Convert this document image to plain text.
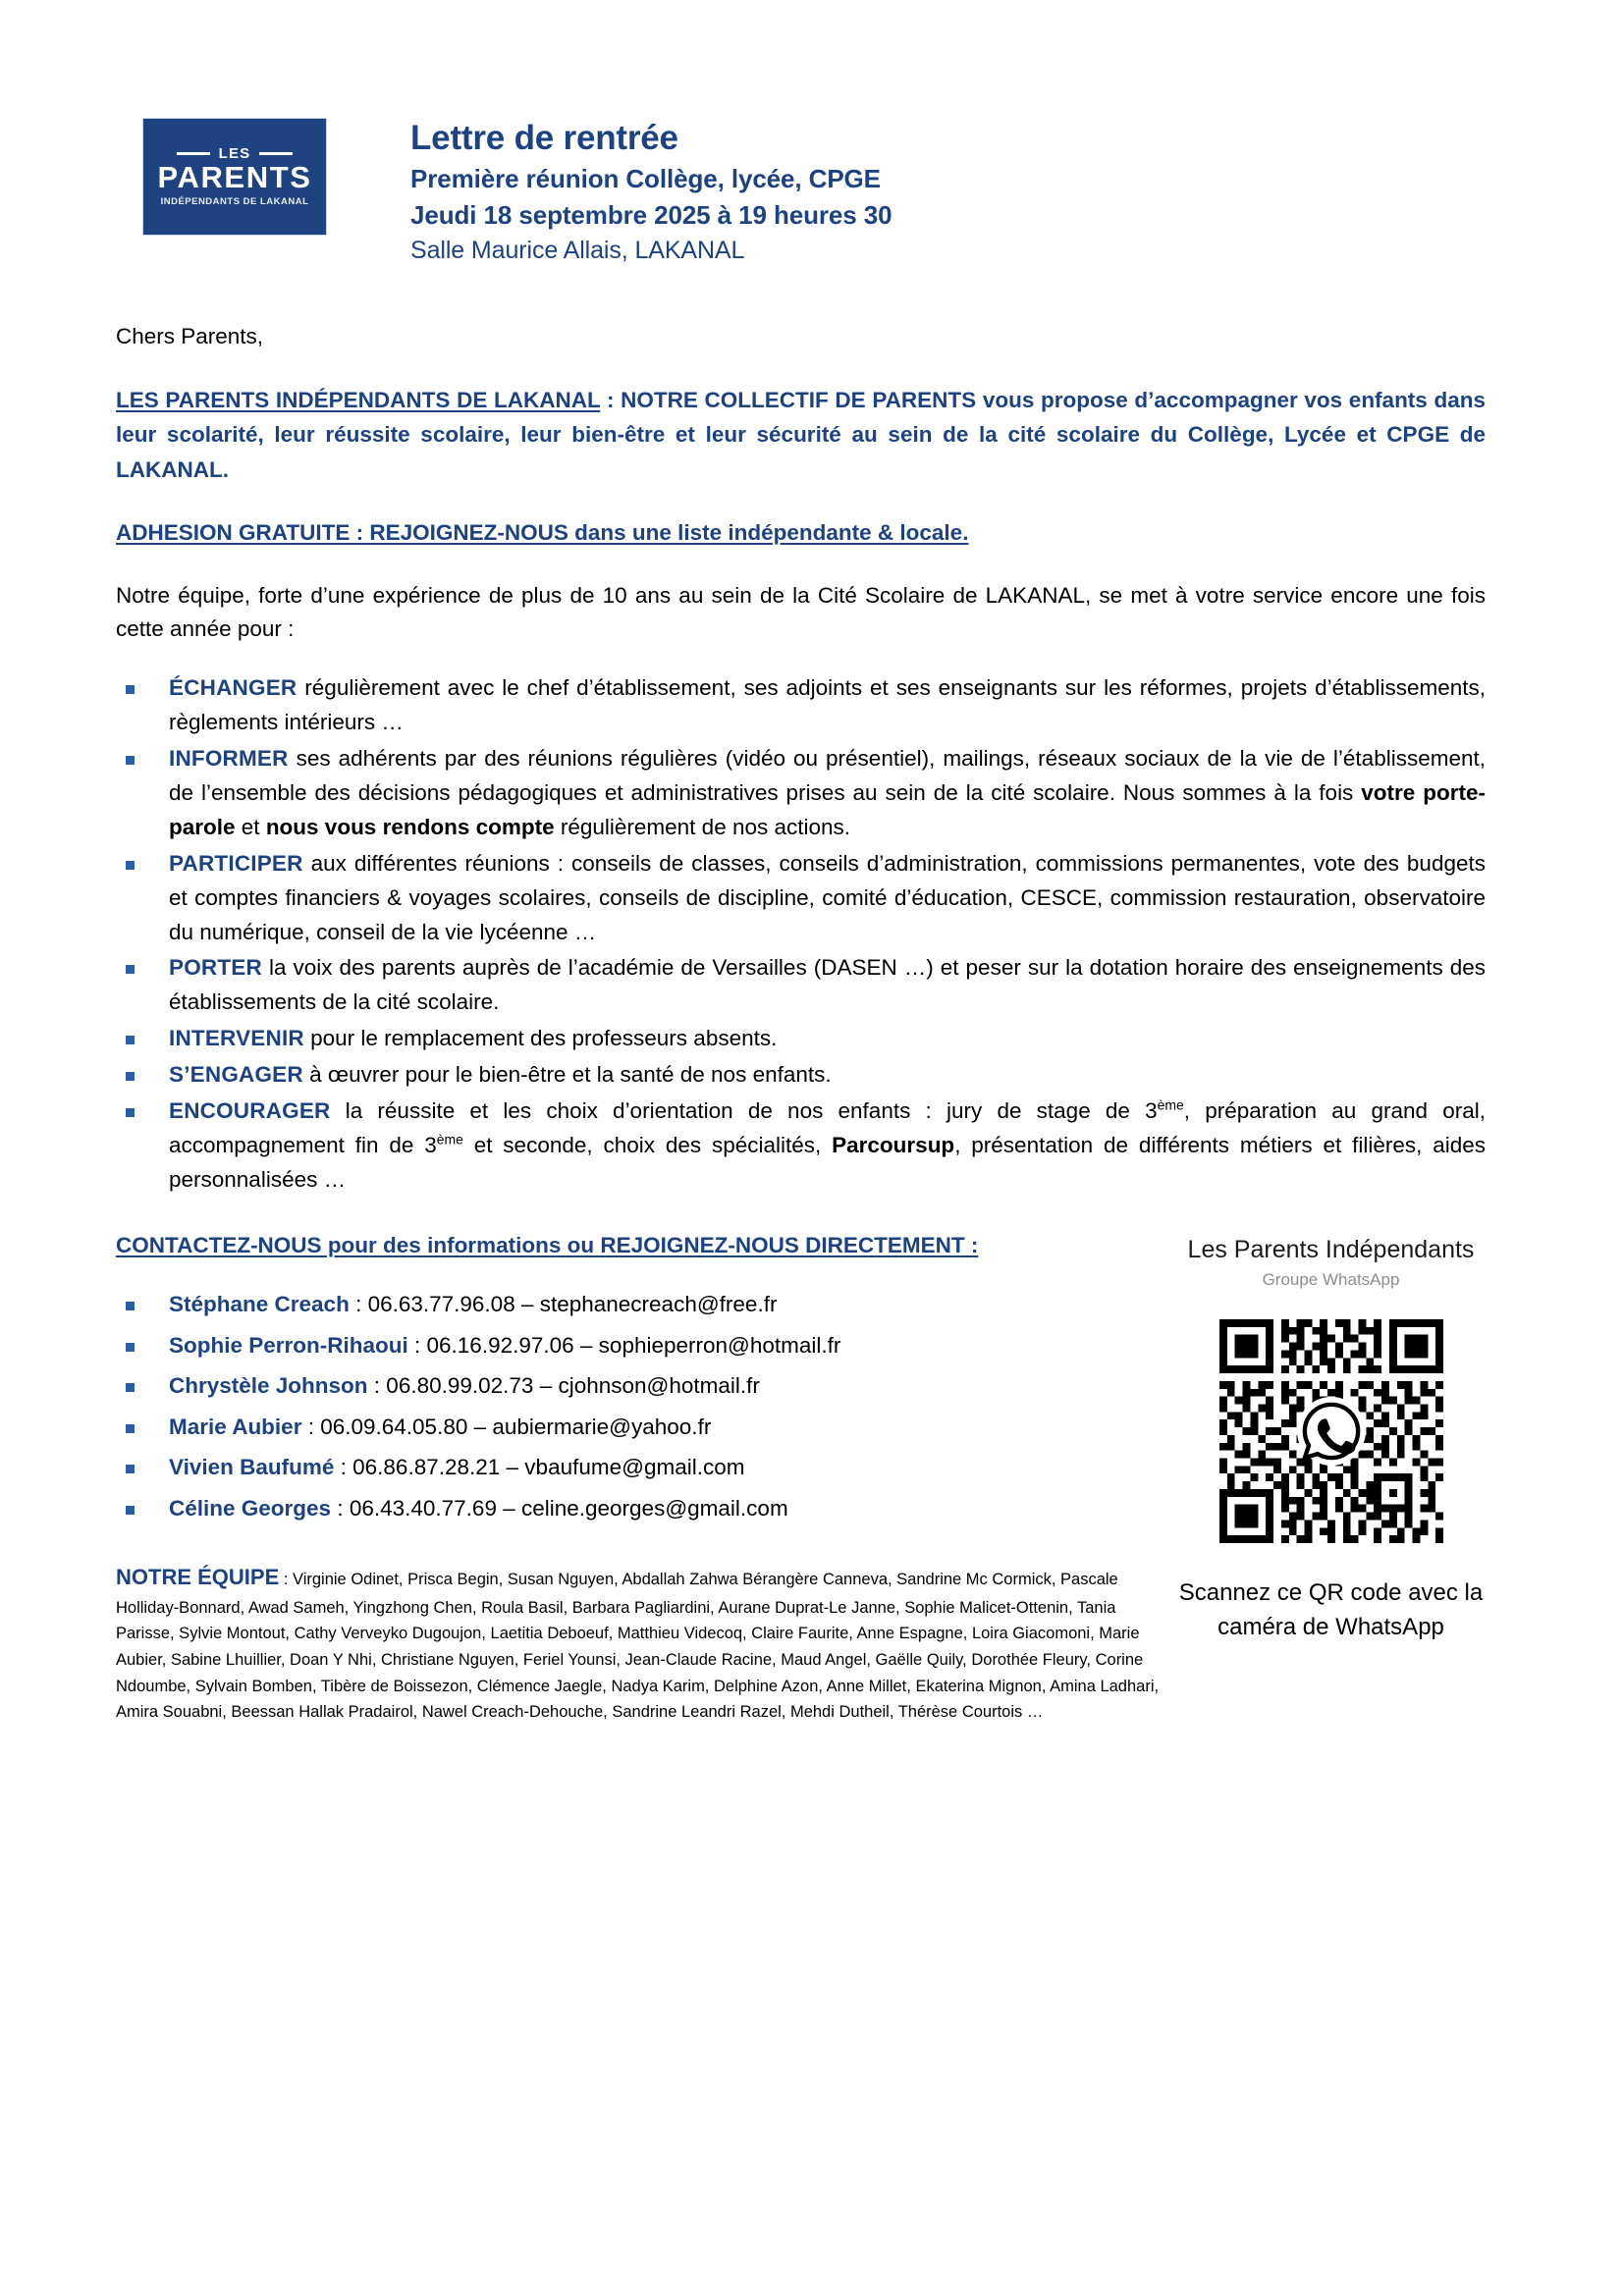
LES
PARENTS
INDÉPENDANTS DE LAKANAL
Lettre de rentrée
Première réunion Collège, lycée, CPGE
Jeudi 18 septembre 2025 à 19 heures 30
Salle Maurice Allais, LAKANAL

Chers Parents,

LES PARENTS INDÉPENDANTS DE LAKANAL : NOTRE COLLECTIF DE PARENTS vous propose d’accompagner vos enfants dans leur scolarité, leur réussite scolaire, leur bien-être et leur sécurité au sein de la cité scolaire du Collège, Lycée et CPGE de LAKANAL.

ADHESION GRATUITE : REJOIGNEZ-NOUS dans une liste indépendante & locale.

Notre équipe, forte d’une expérience de plus de 10 ans au sein de la Cité Scolaire de LAKANAL, se met à votre service encore une fois cette année pour :

ÉCHANGER régulièrement avec le chef d’établissement, ses adjoints et ses enseignants sur les réformes, projets d’établissements, règlements intérieurs …
INFORMER ses adhérents par des réunions régulières (vidéo ou présentiel), mailings, réseaux sociaux de la vie de l’établissement, de l’ensemble des décisions pédagogiques et administratives prises au sein de la cité scolaire. Nous sommes à la fois votre porte-parole et nous vous rendons compte régulièrement de nos actions.
PARTICIPER aux différentes réunions : conseils de classes, conseils d’administration, commissions permanentes, vote des budgets et comptes financiers & voyages scolaires, conseils de discipline, comité d’éducation, CESCE, commission restauration, observatoire du numérique, conseil de la vie lycéenne …
PORTER la voix des parents auprès de l’académie de Versailles (DASEN …) et peser sur la dotation horaire des enseignements des établissements de la cité scolaire.
INTERVENIR pour le remplacement des professeurs absents.
S’ENGAGER à œuvrer pour le bien-être et la santé de nos enfants.
ENCOURAGER la réussite et les choix d’orientation de nos enfants : jury de stage de 3ème, préparation au grand oral, accompagnement fin de 3ème et seconde, choix des spécialités, Parcoursup, présentation de différents métiers et filières, aides personnalisées …

CONTACTEZ-NOUS pour des informations ou REJOIGNEZ-NOUS DIRECTEMENT :

Stéphane Creach : 06.63.77.96.08 – stephanecreach@free.fr
Sophie Perron-Rihaoui : 06.16.92.97.06 – sophieperron@hotmail.fr
Chrystèle Johnson : 06.80.99.02.73 – cjohnson@hotmail.fr
Marie Aubier : 06.09.64.05.80 – aubiermarie@yahoo.fr
Vivien Baufumé : 06.86.87.28.21 – vbaufume@gmail.com
Céline Georges : 06.43.40.77.69 – celine.georges@gmail.com

NOTRE ÉQUIPE : Virginie Odinet, Prisca Begin, Susan Nguyen, Abdallah Zahwa Bérangère Canneva, Sandrine Mc Cormick, Pascale Holliday-Bonnard, Awad Sameh, Yingzhong Chen, Roula Basil, Barbara Pagliardini, Aurane Duprat-Le Janne, Sophie Malicet-Ottenin, Tania Parisse, Sylvie Montout, Cathy Verveyko Dugoujon, Laetitia Deboeuf, Matthieu Videcoq, Claire Faurite, Anne Espagne, Loira Giacomoni, Marie Aubier, Sabine Lhuillier, Doan Y Nhi, Christiane Nguyen, Feriel Younsi, Jean-Claude Racine, Maud Angel, Gaëlle Quily, Dorothée Fleury, Corine Ndoumbe, Sylvain Bomben, Tibère de Boissezon, Clémence Jaegle, Nadya Karim, Delphine Azon, Anne Millet, Ekaterina Mignon, Amina Ladhari, Amira Souabni, Beessan Hallak Pradairol, Nawel Creach-Dehouche, Sandrine Leandri Razel, Mehdi Dutheil, Thérèse Courtois …

Les Parents Indépendants
Groupe WhatsApp
Scannez ce QR code avec la
caméra de WhatsApp
